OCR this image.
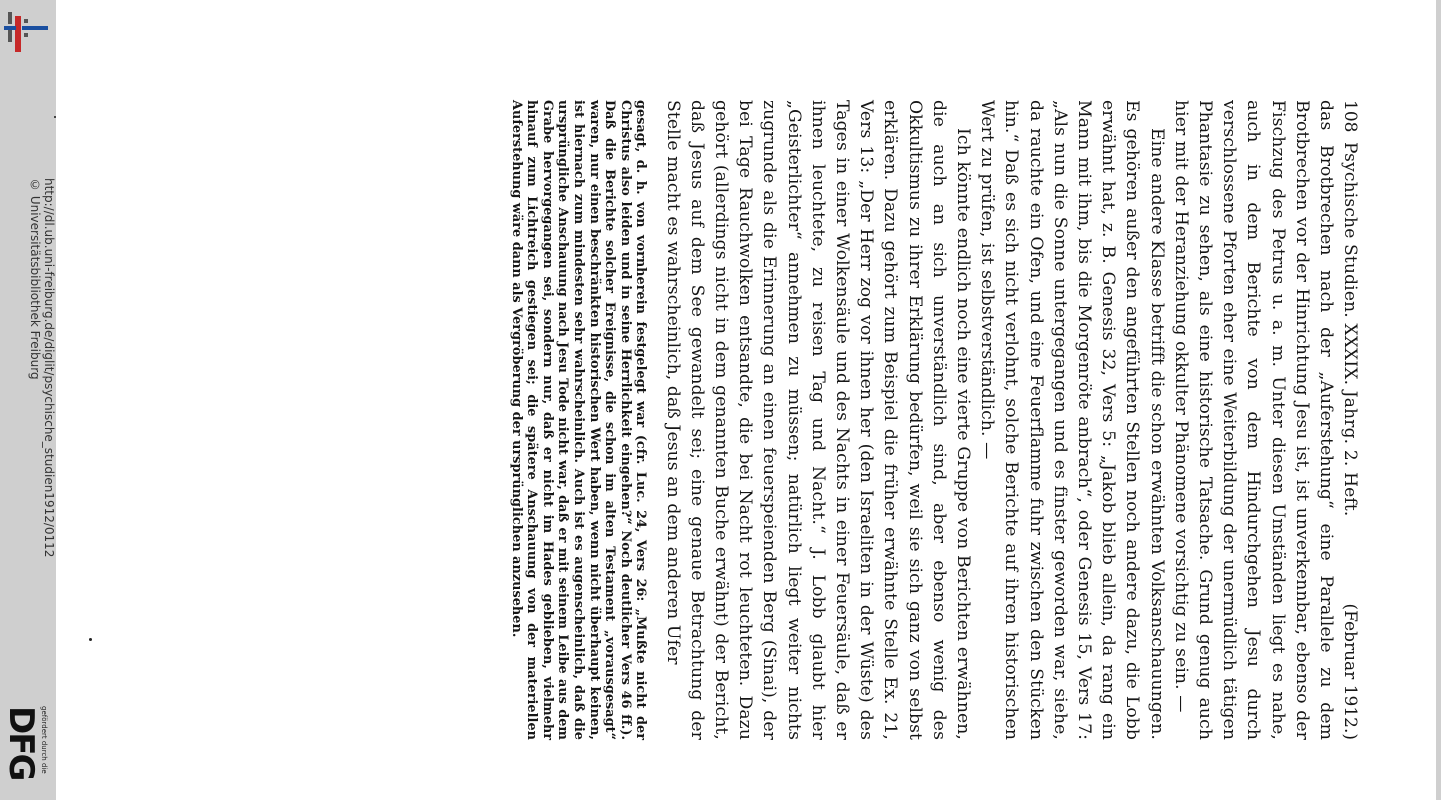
http://dl.ub.uni-freiburg.de/diglit/psychische_studien1912/0112
© Universitätsbibliothek Freiburg
DFG gefördert durch die
108
Psychische Studien. XXXIX. Jahrg. 2. Heft.
(Februar 1912.)

das Brotbrechen nach der „Auferstehung“ eine Parallele zu dem Brotbrechen vor der Hinrichtung Jesu ist, ist unverkennbar, ebenso der Fischzug des Petrus u. a. m. Unter diesen Umständen liegt es nahe, auch in dem Berichte von dem Hindurchgehen Jesu durch verschlossene Pforten eher eine Weiterbildung der unermüdlich tätigen Phantasie zu sehen, als eine historische Tatsache. Grund genug auch hier mit der Heranziehung okkulter Phänomene vorsichtig zu sein. —

Eine andere Klasse betrifft die schon erwähnten Volksanschauungen. Es gehören außer den angeführten Stellen noch andere dazu, die Lobb erwähnt hat, z. B. Genesis 32, Vers 5: „Jakob blieb allein, da rang ein Mann mit ihm, bis die Morgenröte anbrach“, oder Genesis 15, Vers 17: „Als nun die Sonne untergegangen und es finster geworden war, siehe, da rauchte ein Ofen, und eine Feuerflamme fuhr zwischen den Stücken hin.“ Daß es sich nicht verlohnt, solche Berichte auf ihren historischen Wert zu prüfen, ist selbstverständlich. —

Ich könnte endlich noch eine vierte Gruppe von Berichten erwähnen, die auch an sich unverständlich sind, aber ebenso wenig des Okkultismus zu ihrer Erklärung bedürfen, weil sie sich ganz von selbst erklären. Dazu gehört zum Beispiel die früher erwähnte Stelle Ex. 21, Vers 13: „Der Herr zog vor ihnen her (den Israeliten in der Wüste) des Tages in einer Wolkensäule und des Nachts in einer Feuersäule, daß er ihnen leuchtete, zu reisen Tag und Nacht.“ J. Lobb glaubt hier „Geisterlichter“ annehmen zu müssen; natürlich liegt weiter nichts zugrunde als die Erinnerung an einen feuerspeienden Berg (Sinai), der bei Tage Rauchwolken entsandte, die bei Nacht rot leuchteten. Dazu gehört (allerdings nicht in dem genannten Buche erwähnt) der Bericht, daß Jesus auf dem See gewandelt sei; eine genaue Betrachtung der Stelle macht es wahrscheinlich, daß Jesus an dem anderen Ufer

gesagt, d. h. von vornherein festgelegt war (cfr. Luc. 24, Vers 26: „Mußte nicht der Christus also leiden und in seine Herrlichkeit eingehen?“ Noch deutlicher Vers 46 ff.). Daß die Berichte solcher Ereignisse, die schon im alten Testament „vorausgesagt“ waren, nur einen beschränkten historischen Wert haben, wenn nicht überhaupt keinen, ist hiernach zum mindesten sehr wahrscheinlich. Auch ist es augenscheinlich, daß die ursprüngliche Anschauung nach Jesu Tode nicht war, daß er mit seinem Leibe aus dem Grabe hervorgegangen sei, sondern nur, daß er nicht im Hades geblieben, vielmehr hinauf zum Lichtreich gestiegen sei; die spätere Anschauung von der materiellen Auferstehung wäre dann als Vergröberung der ursprünglichen anzusehen.
